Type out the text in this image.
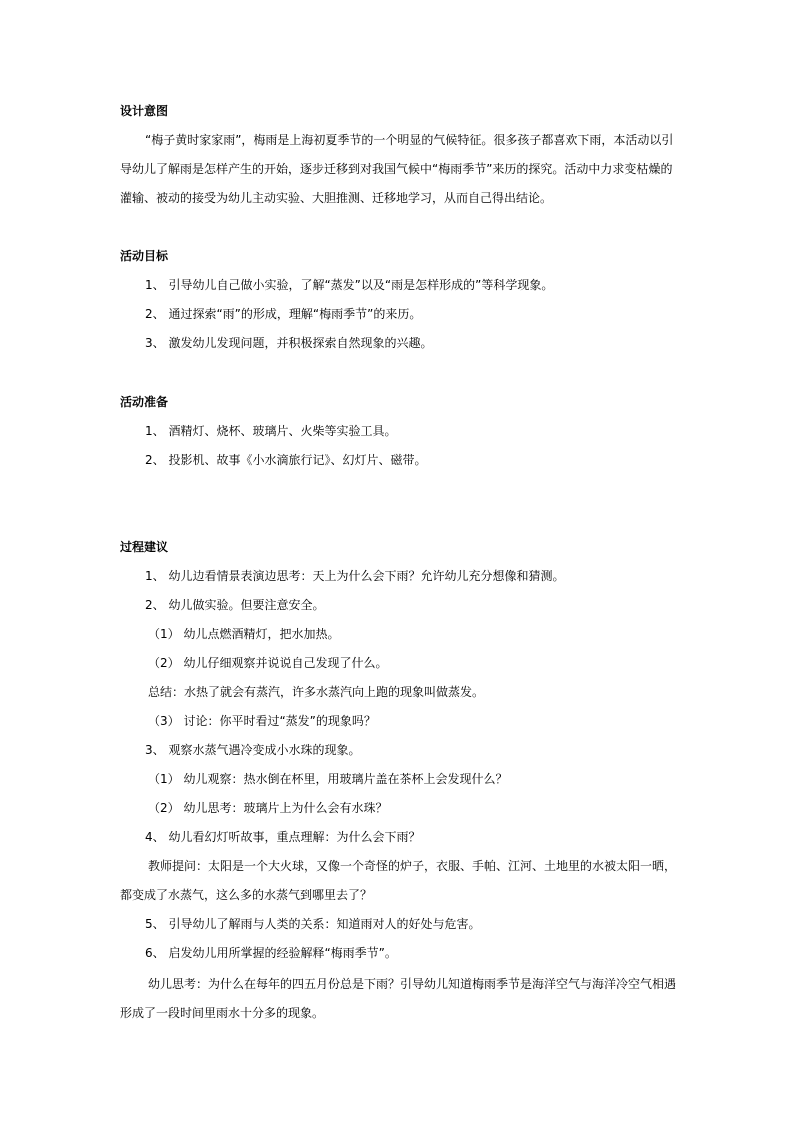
设计意图
“梅子黄时家家雨”，梅雨是上海初夏季节的一个明显的气候特征。很多孩子都喜欢下雨，本活动以引
导幼儿了解雨是怎样产生的开始，逐步迁移到对我国气候中“梅雨季节”来历的探究。活动中力求变枯燥的
灌输、被动的接受为幼儿主动实验、大胆推测、迁移地学习，从而自己得出结论。
活动目标
1、 引导幼儿自己做小实验，了解“蒸发”以及“雨是怎样形成的”等科学现象。
2、 通过探索“雨”的形成，理解“梅雨季节”的来历。
3、 激发幼儿发现问题，并积极探索自然现象的兴趣。
活动准备
1、 酒精灯、烧杯、玻璃片、火柴等实验工具。
2、 投影机、故事《小水滴旅行记》、幻灯片、磁带。
过程建议
1、 幼儿边看情景表演边思考：天上为什么会下雨？允许幼儿充分想像和猜测。
2、 幼儿做实验。但要注意安全。
（1） 幼儿点燃酒精灯，把水加热。
（2） 幼儿仔细观察并说说自己发现了什么。
总结：水热了就会有蒸汽，许多水蒸汽向上跑的现象叫做蒸发。
（3） 讨论：你平时看过“蒸发”的现象吗？
3、 观察水蒸气遇冷变成小水珠的现象。
（1） 幼儿观察：热水倒在杯里，用玻璃片盖在茶杯上会发现什么？
（2） 幼儿思考：玻璃片上为什么会有水珠？
4、 幼儿看幻灯听故事，重点理解：为什么会下雨？
教师提问：太阳是一个大火球，又像一个奇怪的炉子，衣服、手帕、江河、土地里的水被太阳一晒，
都变成了水蒸气，这么多的水蒸气到哪里去了？
5、 引导幼儿了解雨与人类的关系：知道雨对人的好处与危害。
6、 启发幼儿用所掌握的经验解释“梅雨季节”。
幼儿思考：为什么在每年的四五月份总是下雨？引导幼儿知道梅雨季节是海洋空气与海洋冷空气相遇
形成了一段时间里雨水十分多的现象。
